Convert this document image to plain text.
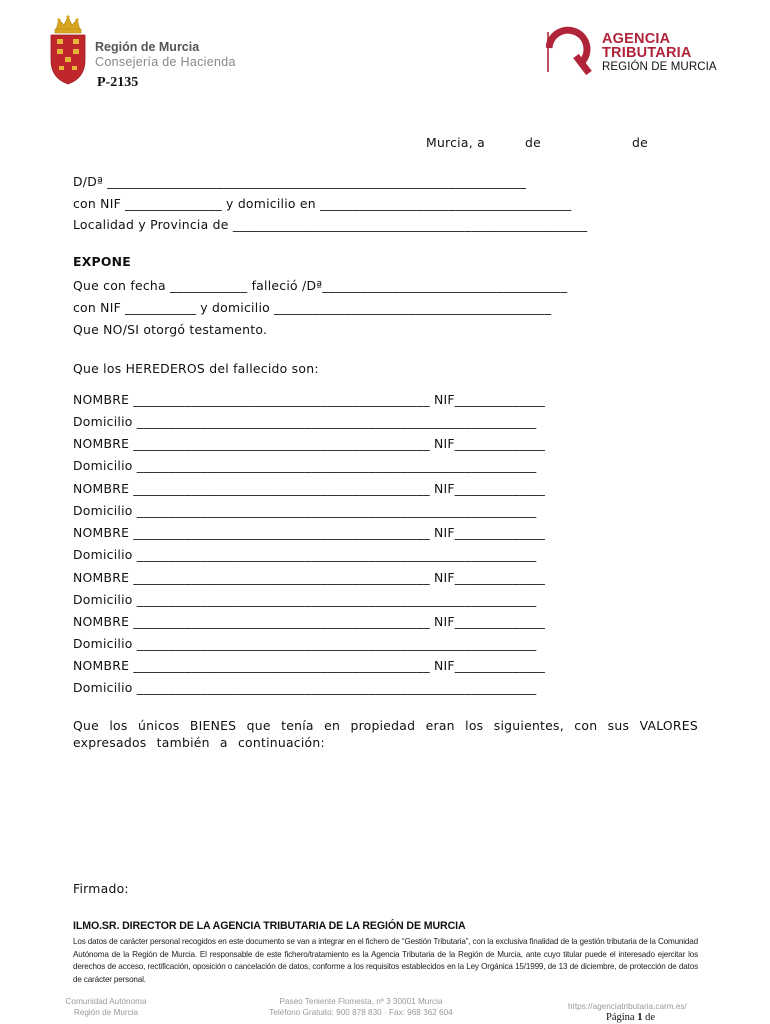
Región de Murcia
Consejería de Hacienda
P-2135
AGENCIA
TRIBUTARIA
REGIÓN DE MURCIA
Murcia, a	de	de
D/Dª _________________________________________________________________
con NIF _______________ y domicilio en _______________________________________
Localidad y Provincia de _______________________________________________________
EXPONE
Que con fecha ____________ falleció /Dª______________________________________
con NIF ___________ y domicilio ___________________________________________
Que NO/SI otorgó testamento.
Que los HEREDEROS del fallecido son:
NOMBRE ______________________________________________ NIF______________
Domicilio ______________________________________________________________
NOMBRE ______________________________________________ NIF______________
Domicilio ______________________________________________________________
NOMBRE ______________________________________________ NIF______________
Domicilio ______________________________________________________________
NOMBRE ______________________________________________ NIF______________
Domicilio ______________________________________________________________
NOMBRE ______________________________________________ NIF______________
Domicilio ______________________________________________________________
NOMBRE ______________________________________________ NIF______________
Domicilio ______________________________________________________________
NOMBRE ______________________________________________ NIF______________
Domicilio ______________________________________________________________
Que los únicos BIENES que tenía en propiedad eran los siguientes, con sus VALORES expresados también a continuación:
Firmado:
ILMO.SR. DIRECTOR DE LA AGENCIA TRIBUTARIA DE LA REGIÓN DE MURCIA
Los datos de carácter personal recogidos en este documento se van a integrar en el fichero de “Gestión Tributaria”, con la exclusiva finalidad de la gestión tributaria de la Comunidad Autónoma de la Región de Murcia. El responsable de este fichero/tratamiento es la Agencia Tributaria de la Región de Murcia, ante cuyo titular puede el interesado ejercitar los derechos de acceso, rectificación, oposición o cancelación de datos, conforme a los requisitos establecidos en la Ley Orgánica 15/1999, de 13 de diciembre, de protección de datos de carácter personal.
Comunidad Autónoma
Región de Murcia
Paseo Teniente Flomesta, nº 3 30001 Murcia
Teléfono Gratuito: 900 878 830 · Fax: 968 362 604
https://agenciatributaria.carm.es/
Página 1 de
